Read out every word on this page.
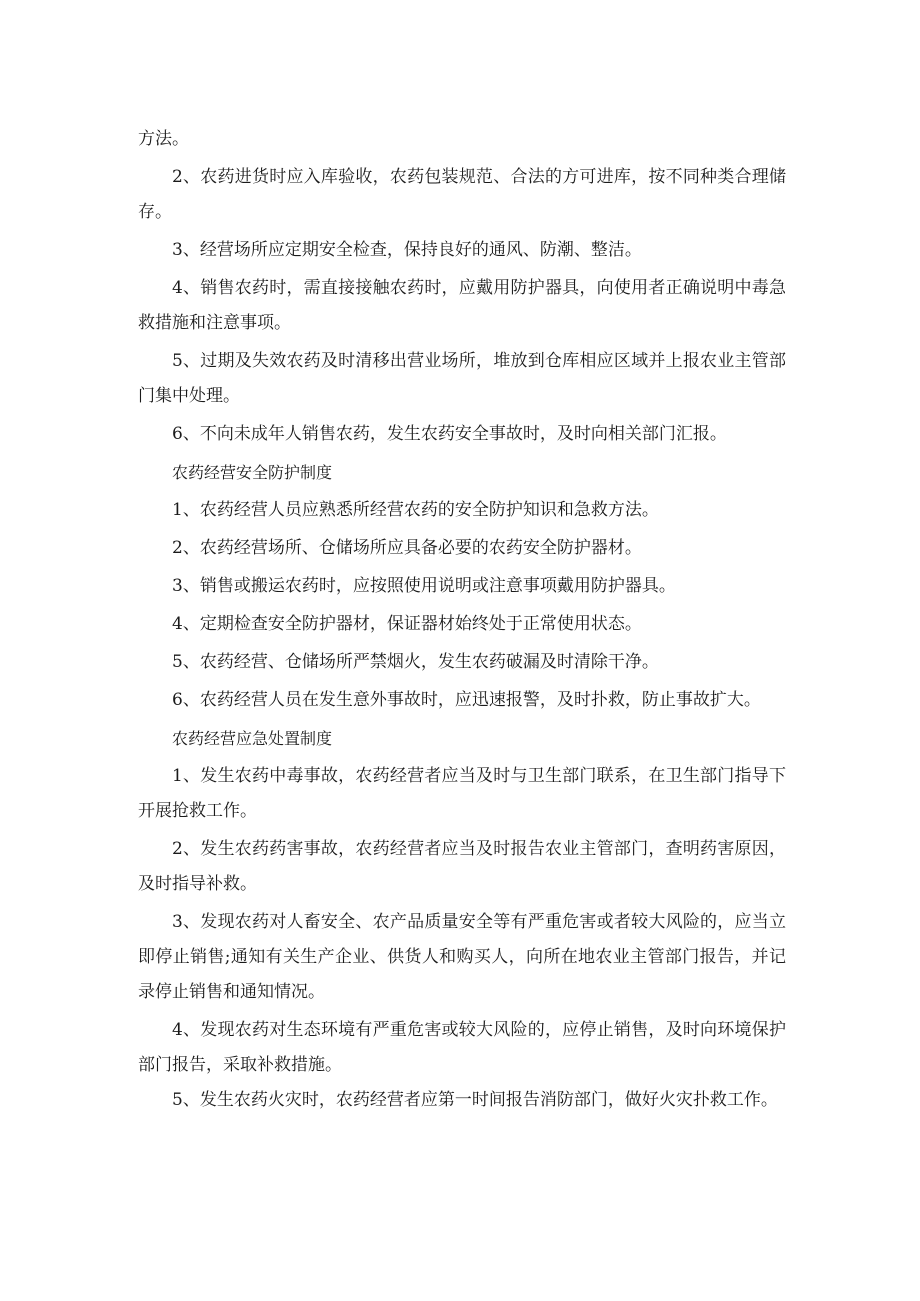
方法。

2、农药进货时应入库验收，农药包装规范、合法的方可进库，按不同种类合理储存。

3、经营场所应定期安全检查，保持良好的通风、防潮、整洁。

4、销售农药时，需直接接触农药时，应戴用防护器具，向使用者正确说明中毒急救措施和注意事项。

5、过期及失效农药及时清移出营业场所，堆放到仓库相应区域并上报农业主管部门集中处理。

6、不向未成年人销售农药，发生农药安全事故时，及时向相关部门汇报。

农药经营安全防护制度

1、农药经营人员应熟悉所经营农药的安全防护知识和急救方法。

2、农药经营场所、仓储场所应具备必要的农药安全防护器材。

3、销售或搬运农药时，应按照使用说明或注意事项戴用防护器具。

4、定期检查安全防护器材，保证器材始终处于正常使用状态。

5、农药经营、仓储场所严禁烟火，发生农药破漏及时清除干净。

6、农药经营人员在发生意外事故时，应迅速报警，及时扑救，防止事故扩大。

农药经营应急处置制度

1、发生农药中毒事故，农药经营者应当及时与卫生部门联系，在卫生部门指导下开展抢救工作。

2、发生农药药害事故，农药经营者应当及时报告农业主管部门，查明药害原因，及时指导补救。

3、发现农药对人畜安全、农产品质量安全等有严重危害或者较大风险的，应当立即停止销售;通知有关生产企业、供货人和购买人，向所在地农业主管部门报告，并记录停止销售和通知情况。

4、发现农药对生态环境有严重危害或较大风险的，应停止销售，及时向环境保护部门报告，采取补救措施。

5、发生农药火灾时，农药经营者应第一时间报告消防部门，做好火灾扑救工作。
